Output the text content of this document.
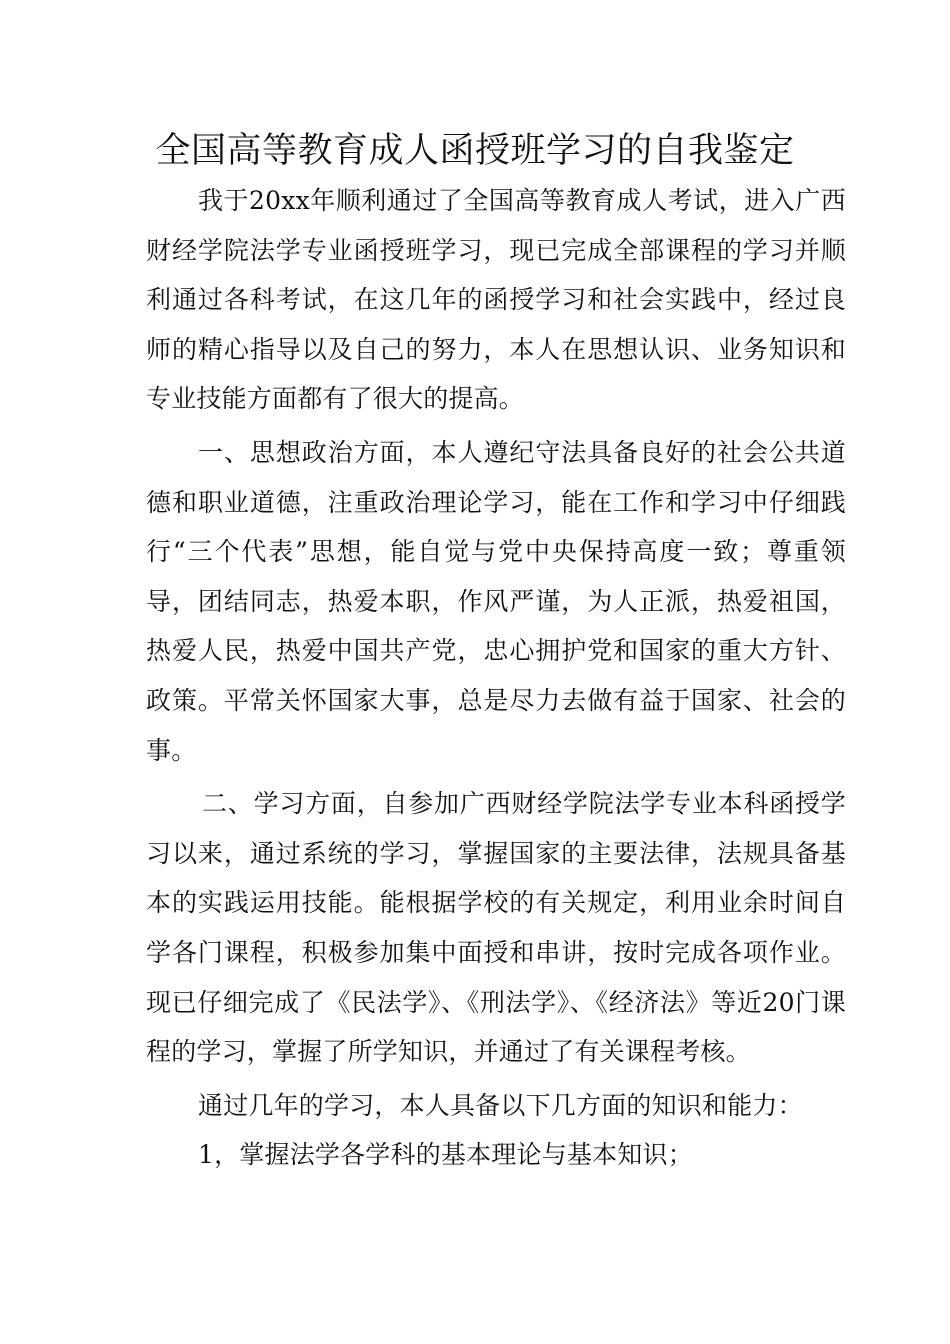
全国高等教育成人函授班学习的自我鉴定

我于20xx年顺利通过了全国高等教育成人考试，进入广西财经学院法学专业函授班学习，现已完成全部课程的学习并顺利通过各科考试，在这几年的函授学习和社会实践中，经过良师的精心指导以及自己的努力，本人在思想认识、业务知识和专业技能方面都有了很大的提高。

一、思想政治方面，本人遵纪守法具备良好的社会公共道德和职业道德，注重政治理论学习，能在工作和学习中仔细践行“三个代表”思想，能自觉与党中央保持高度一致；尊重领导，团结同志，热爱本职，作风严谨，为人正派，热爱祖国，热爱人民，热爱中国共产党，忠心拥护党和国家的重大方针、政策。平常关怀国家大事，总是尽力去做有益于国家、社会的事。

二、学习方面，自参加广西财经学院法学专业本科函授学习以来，通过系统的学习，掌握国家的主要法律，法规具备基本的实践运用技能。能根据学校的有关规定，利用业余时间自学各门课程，积极参加集中面授和串讲，按时完成各项作业。现已仔细完成了《民法学》、《刑法学》、《经济法》等近20门课程的学习，掌握了所学知识，并通过了有关课程考核。

通过几年的学习，本人具备以下几方面的知识和能力：

1，掌握法学各学科的基本理论与基本知识；
